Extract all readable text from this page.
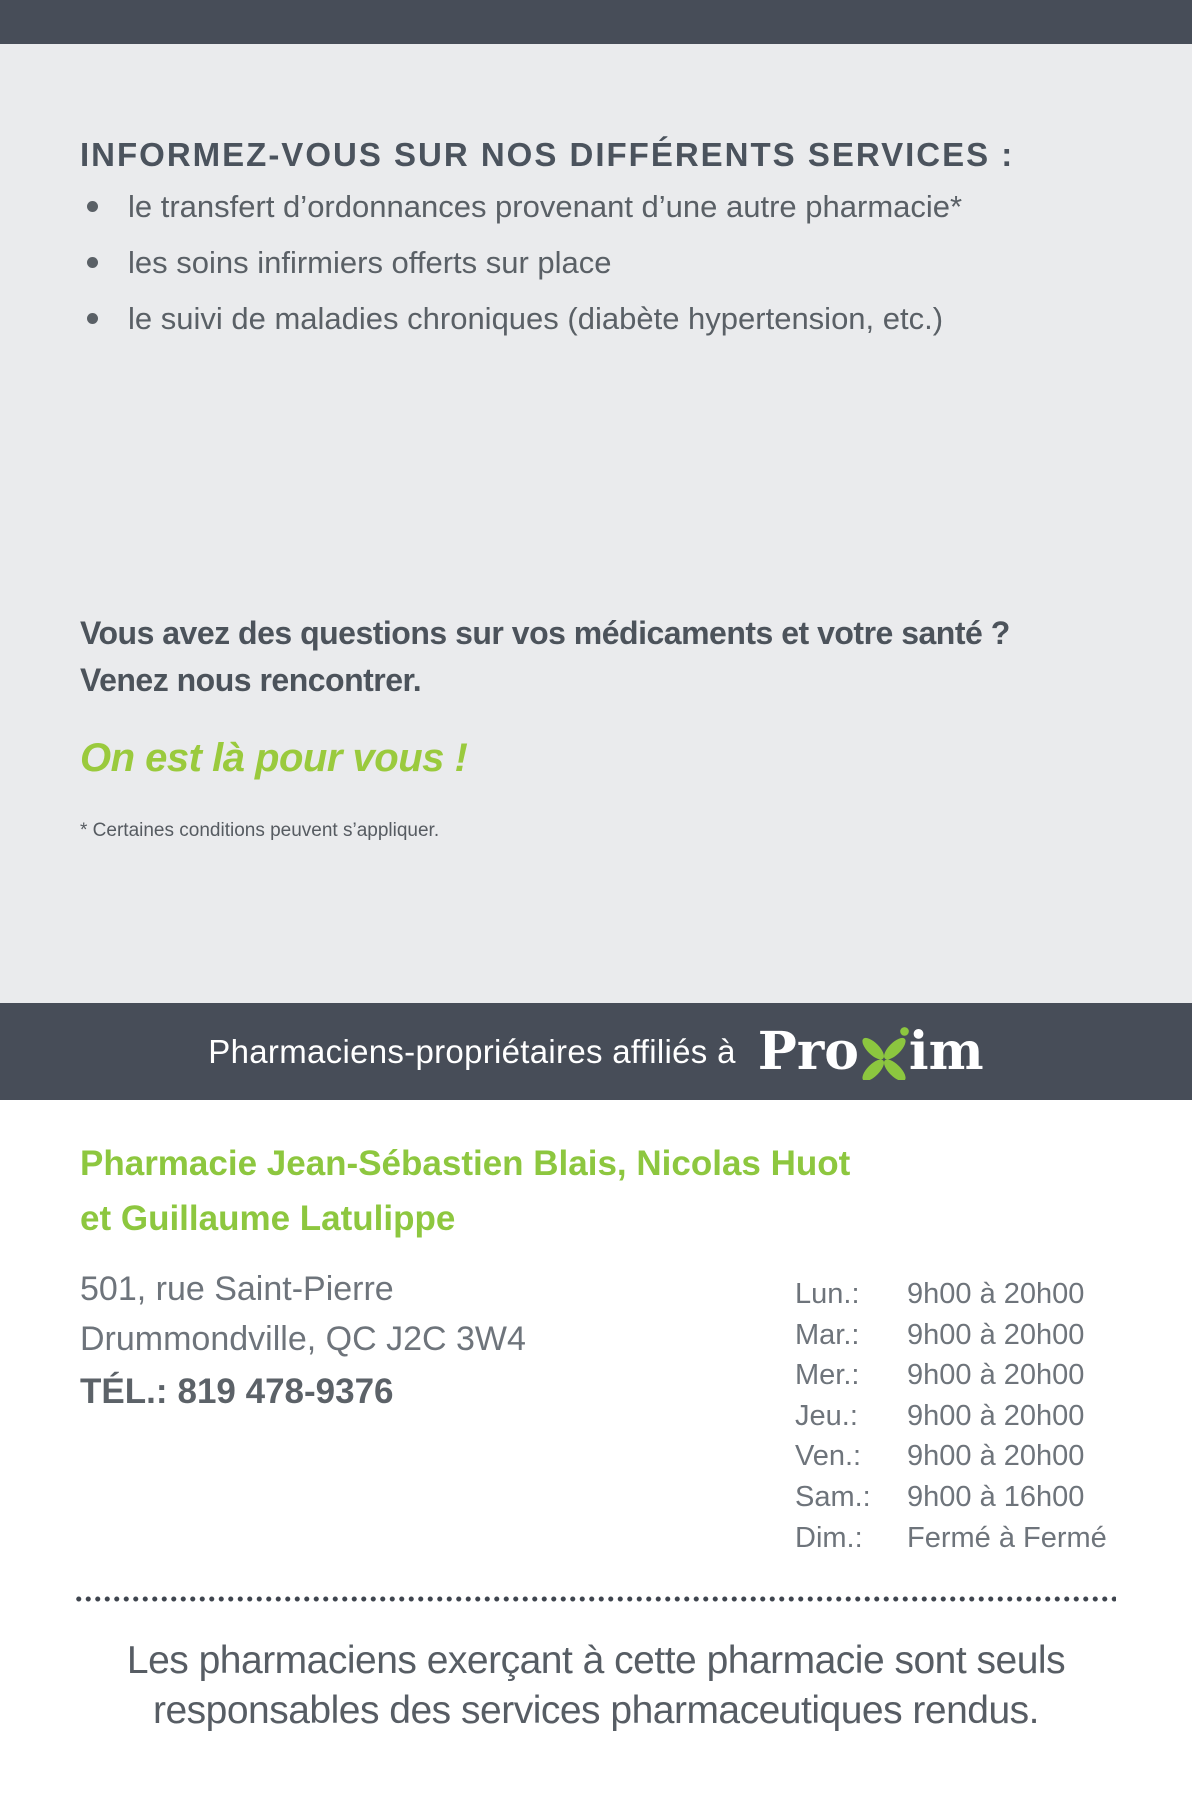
INFORMEZ-VOUS SUR NOS DIFFÉRENTS SERVICES :
le transfert d’ordonnances provenant d’une autre pharmacie*
les soins infirmiers offerts sur place
le suivi de maladies chroniques (diabète hypertension, etc.)
Vous avez des questions sur vos médicaments et votre santé ? Venez nous rencontrer.
On est là pour vous !
* Certaines conditions peuvent s’appliquer.
Pharmaciens-propriétaires affiliés à Pro im
Pharmacie Jean-Sébastien Blais, Nicolas Huot
et Guillaume Latulippe
501, rue Saint-Pierre
Drummondville, QC J2C 3W4
TÉL.: 819 478-9376
Lun.:	9h00 à 20h00
Mar.:	9h00 à 20h00
Mer.:	9h00 à 20h00
Jeu.:	9h00 à 20h00
Ven.:	9h00 à 20h00
Sam.:	9h00 à 16h00
Dim.:	Fermé à Fermé
Les pharmaciens exerçant à cette pharmacie sont seuls responsables des services pharmaceutiques rendus.
